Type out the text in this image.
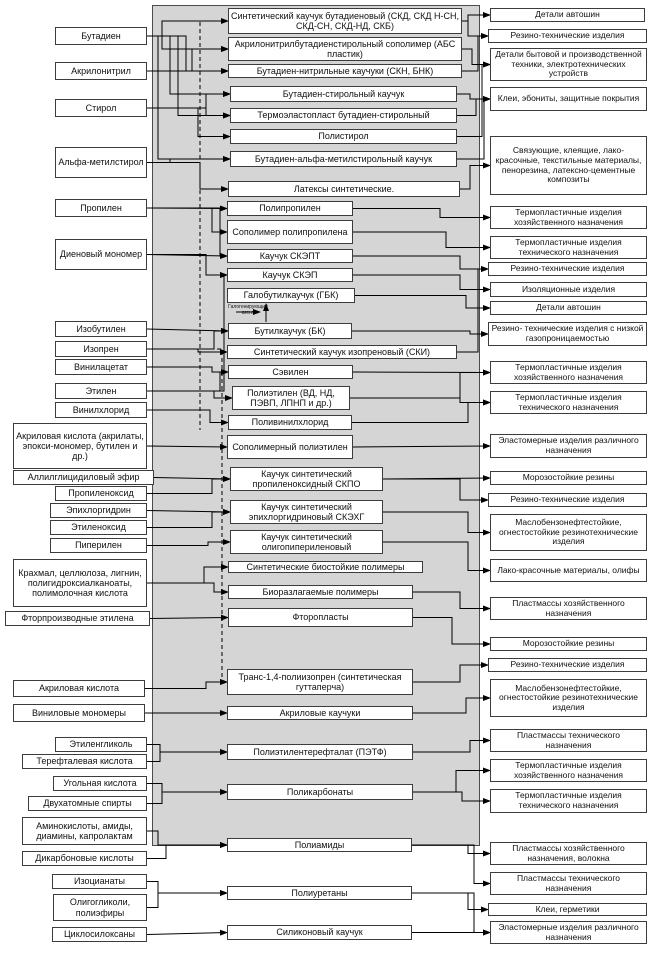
Галогенирующий агент
Бутадиен
Акрилонитрил
Стирол
Альфа-метилстирол
Пропилен
Диеновый мономер
Изобутилен
Изопрен
Винилацетат
Этилен
Винилхлорид
Акриловая кислота (акрилаты, эпокси-мономер, бутилен и др.)
Аллилглицидиловый эфир
Пропиленоксид
Эпихлоргидрин
Этиленоксид
Пиперилен
Крахмал, целлюлоза, лигнин, полигидроксиалканоаты, полимолочная кислота
Фторпроизводные этилена
Акриловая кислота
Виниловые мономеры
Этиленгликоль
Терефталевая кислота
Угольная кислота
Двухатомные спирты
Аминокислоты, амиды, диамины, капролактам
Дикарбоновые кислоты
Изоцианаты
Олигогликоли, полиэфиры
Циклосилоксаны
Синтетический каучук бутадиеновый (СКД, СКД Н-СН, СКД-СН, СКД-НД, СКБ)
Акрилонитрилбутадиенстирольный сополимер (АБС пластик)
Бутадиен-нитрильные каучуки (СКН, БНК)
Бутадиен-стирольный каучук
Термоэластопласт бутадиен-стирольный
Полистирол
Бутадиен-альфа-метилстирольный каучук
Латексы синтетические.
Полипропилен
Сополимер полипропилена
Каучук СКЭПТ
Каучук СКЭП
Галобутилкаучук (ГБК)
Бутилкаучук (БК)
Синтетический каучук изопреновый (СКИ)
Сэвилен
Полиэтилен (ВД, НД, ПЭВП, ЛПНП и др.)
Поливинилхлорид
Сополимерный полиэтилен
Каучук синтетический пропиленоксидный СКПО
Каучук синтетический эпихлоргидриновый СКЭХГ
Каучук синтетический олигопипериленовый
Синтетические биостойкие полимеры
Биоразлагаемые полимеры
Фторопласты
Транс-1,4-полиизопрен (синтетическая гуттаперча)
Акриловые каучуки
Полиэтилентерефталат (ПЭТФ)
Поликарбонаты
Полиамиды
Полиуретаны
Силиконовый каучук
Детали автошин
Резино-технические изделия
Детали бытовой и производственной техники, электротехнических устройств
Клеи, эбониты, защитные покрытия
Связующие, клеящие, лако-красочные, текстильные материалы, пенорезина, латексно-цементные композиты
Термопластичные изделия хозяйственного назначения
Термопластичные изделия технического назначения
Резино-технические изделия
Изоляционные изделия
Детали автошин
Резино- технические изделия с низкой газопроницаемостью
Термопластичные изделия хозяйственного назначения
Термопластичные изделия технического назначения
Эластомерные изделия различного назначения
Морозостойкие резины
Резино-технические изделия
Маслобензонефтестойкие, огнестостойкие резинотехнические изделия
Лако-красочные материалы, олифы
Пластмассы хозяйственного назначения
Морозостойкие резины
Резино-технические изделия
Маслобензонефтестойкие, огнестостойкие резинотехнические изделия
Пластмассы технического назначения
Термопластичные изделия хозяйственного назначения
Термопластичные изделия технического назначения
Пластмассы хозяйственного назначения, волокна
Пластмассы технического назначения
Клеи, герметики
Эластомерные изделия различного назначения
